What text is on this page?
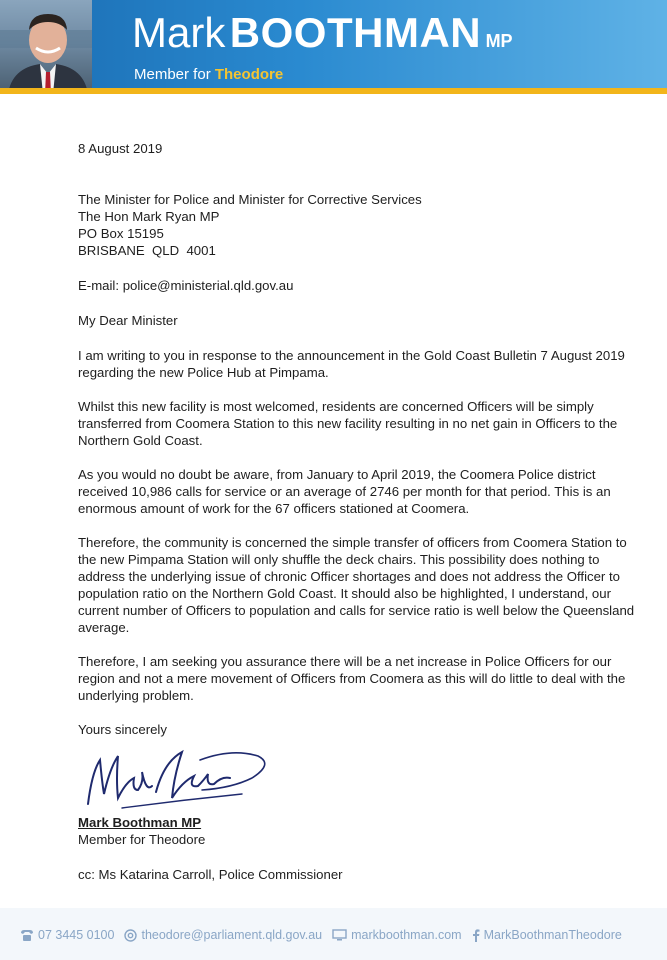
Mark BOOTHMAN MP
Member for Theodore

8 August 2019

The Minister for Police and Minister for Corrective Services

The Hon Mark Ryan MP

PO Box 15195

BRISBANE  QLD  4001

E-mail: police@ministerial.qld.gov.au

My Dear Minister

I am writing to you in response to the announcement in the Gold Coast Bulletin 7 August 2019 regarding the new Police Hub at Pimpama.

Whilst this new facility is most welcomed, residents are concerned Officers will be simply transferred from Coomera Station to this new facility resulting in no net gain in Officers to the Northern Gold Coast.

As you would no doubt be aware, from January to April 2019, the Coomera Police district received 10,986 calls for service or an average of 2746 per month for that period. This is an enormous amount of work for the 67 officers stationed at Coomera.

Therefore, the community is concerned the simple transfer of officers from Coomera Station to the new Pimpama Station will only shuffle the deck chairs. This possibility does nothing to address the underlying issue of chronic Officer shortages and does not address the Officer to population ratio on the Northern Gold Coast. It should also be highlighted, I understand, our current number of Officers to population and calls for service ratio is well below the Queensland average.

Therefore, I am seeking you assurance there will be a net increase in Police Officers for our region and not a mere movement of Officers from Coomera as this will do little to deal with the underlying problem.

Yours sincerely

Mark Boothman MP

Member for Theodore

cc: Ms Katarina Carroll, Police Commissioner

07 3445 0100 theodore@parliament.qld.gov.au markboothman.com MarkBoothmanTheodore
